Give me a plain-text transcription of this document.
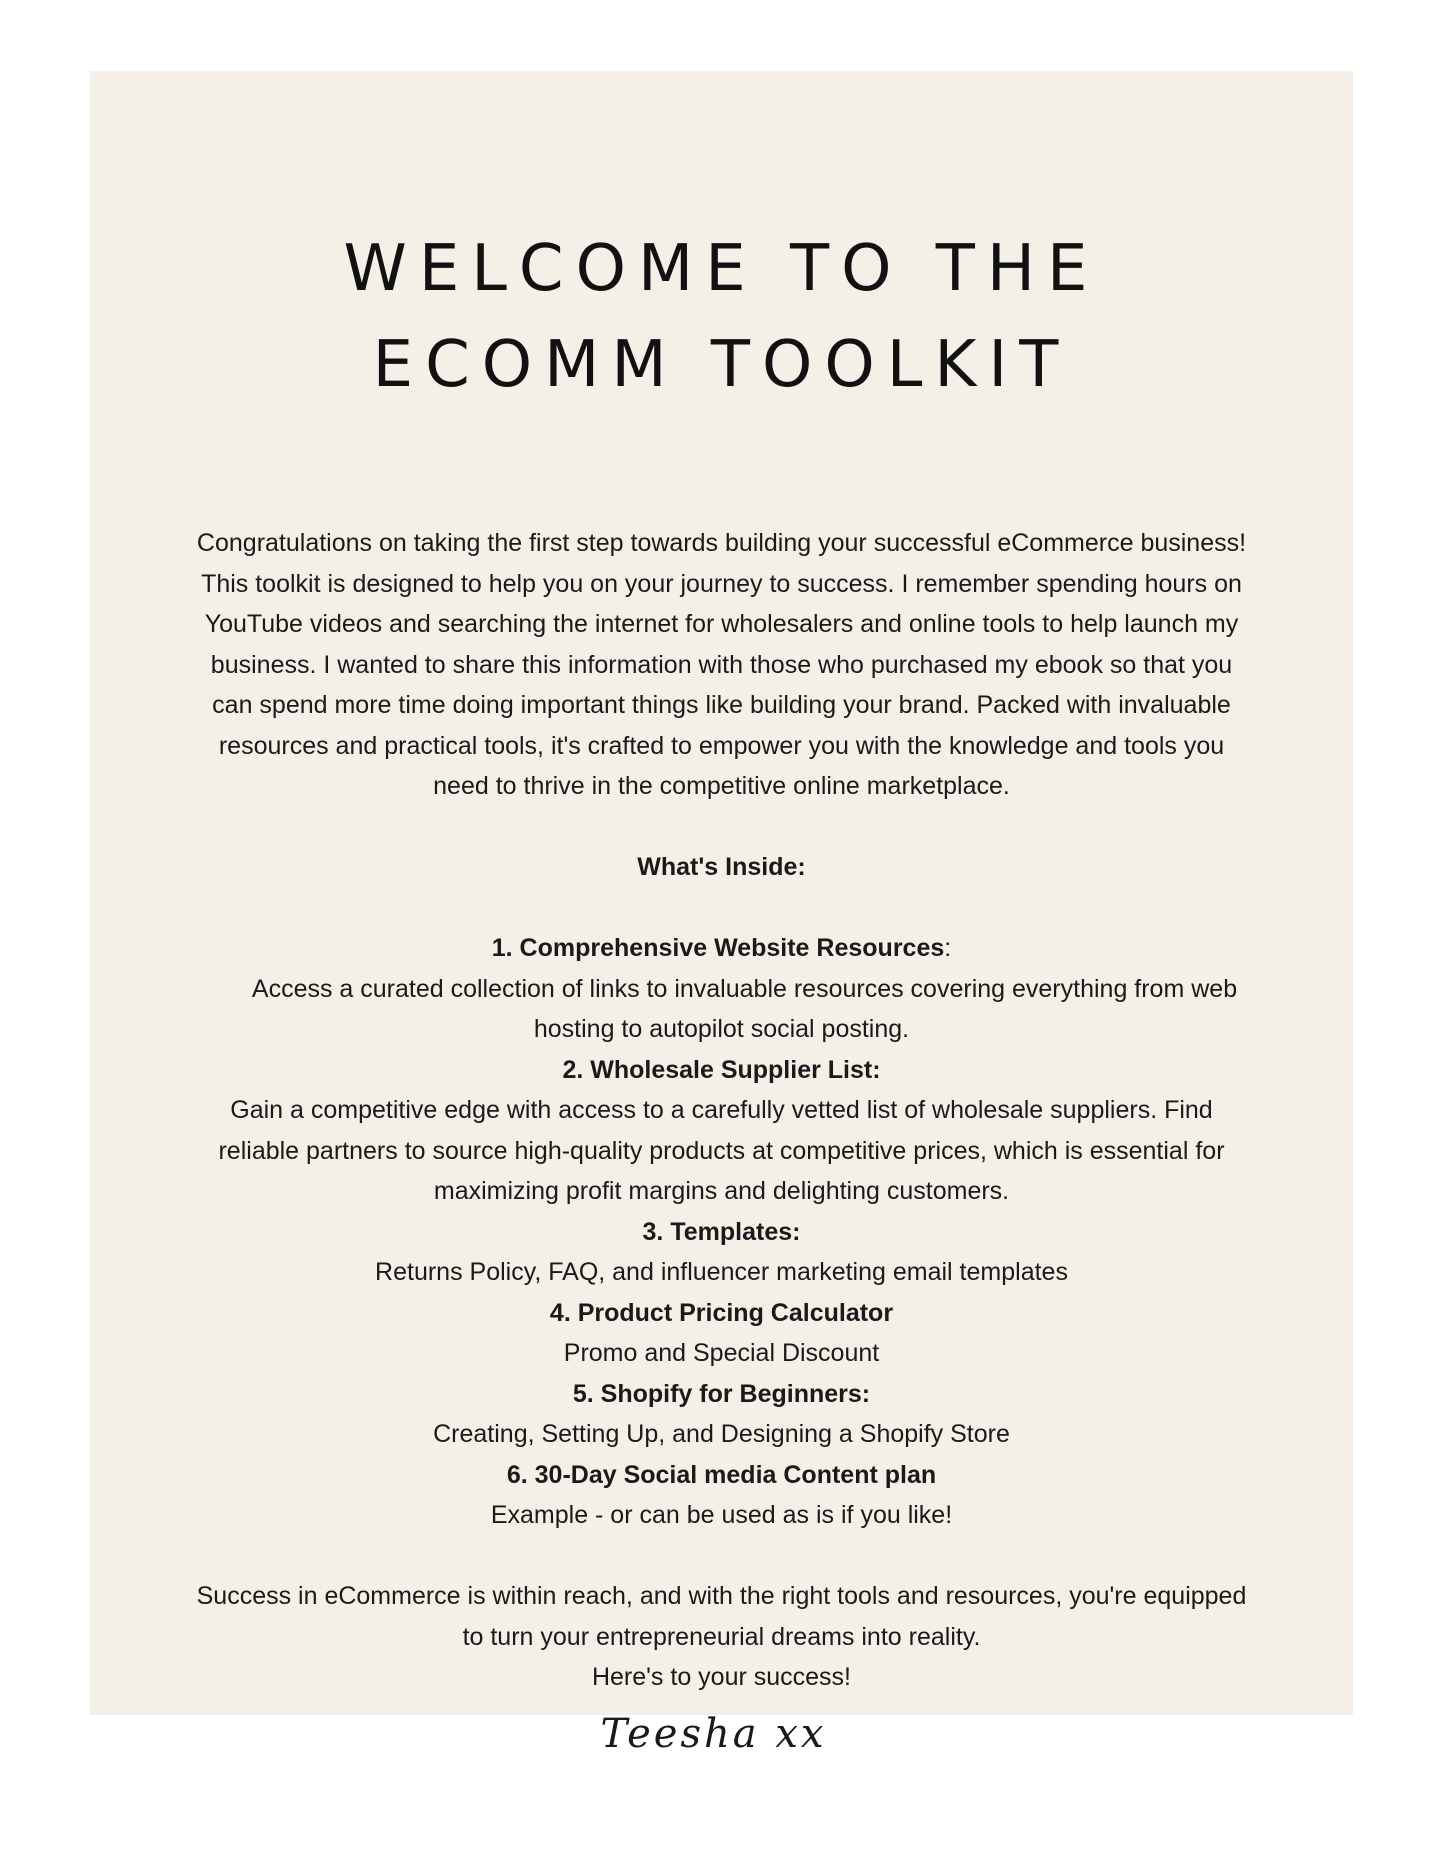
WELCOME TO THE
ECOMM TOOLKIT

Congratulations on taking the first step towards building your successful eCommerce business!

This toolkit is designed to help you on your journey to success. I remember spending hours on

YouTube videos and searching the internet for wholesalers and online tools to help launch my

business. I wanted to share this information with those who purchased my ebook so that you

can spend more time doing important things like building your brand. Packed with invaluable

resources and practical tools, it's crafted to empower you with the knowledge and tools you

need to thrive in the competitive online marketplace.

What's Inside:

1. Comprehensive Website Resources:

Access a curated collection of links to invaluable resources covering everything from web

hosting to autopilot social posting.

2. Wholesale Supplier List:

Gain a competitive edge with access to a carefully vetted list of wholesale suppliers. Find

reliable partners to source high-quality products at competitive prices, which is essential for

maximizing profit margins and delighting customers.

3. Templates:

Returns Policy, FAQ, and influencer marketing email templates

4. Product Pricing Calculator

Promo and Special Discount

5. Shopify for Beginners:

Creating, Setting Up, and Designing a Shopify Store

6. 30-Day Social media Content plan

Example - or can be used as is if you like!

Success in eCommerce is within reach, and with the right tools and resources, you're equipped

to turn your entrepreneurial dreams into reality.

Here's to your success!

Teesha xx
